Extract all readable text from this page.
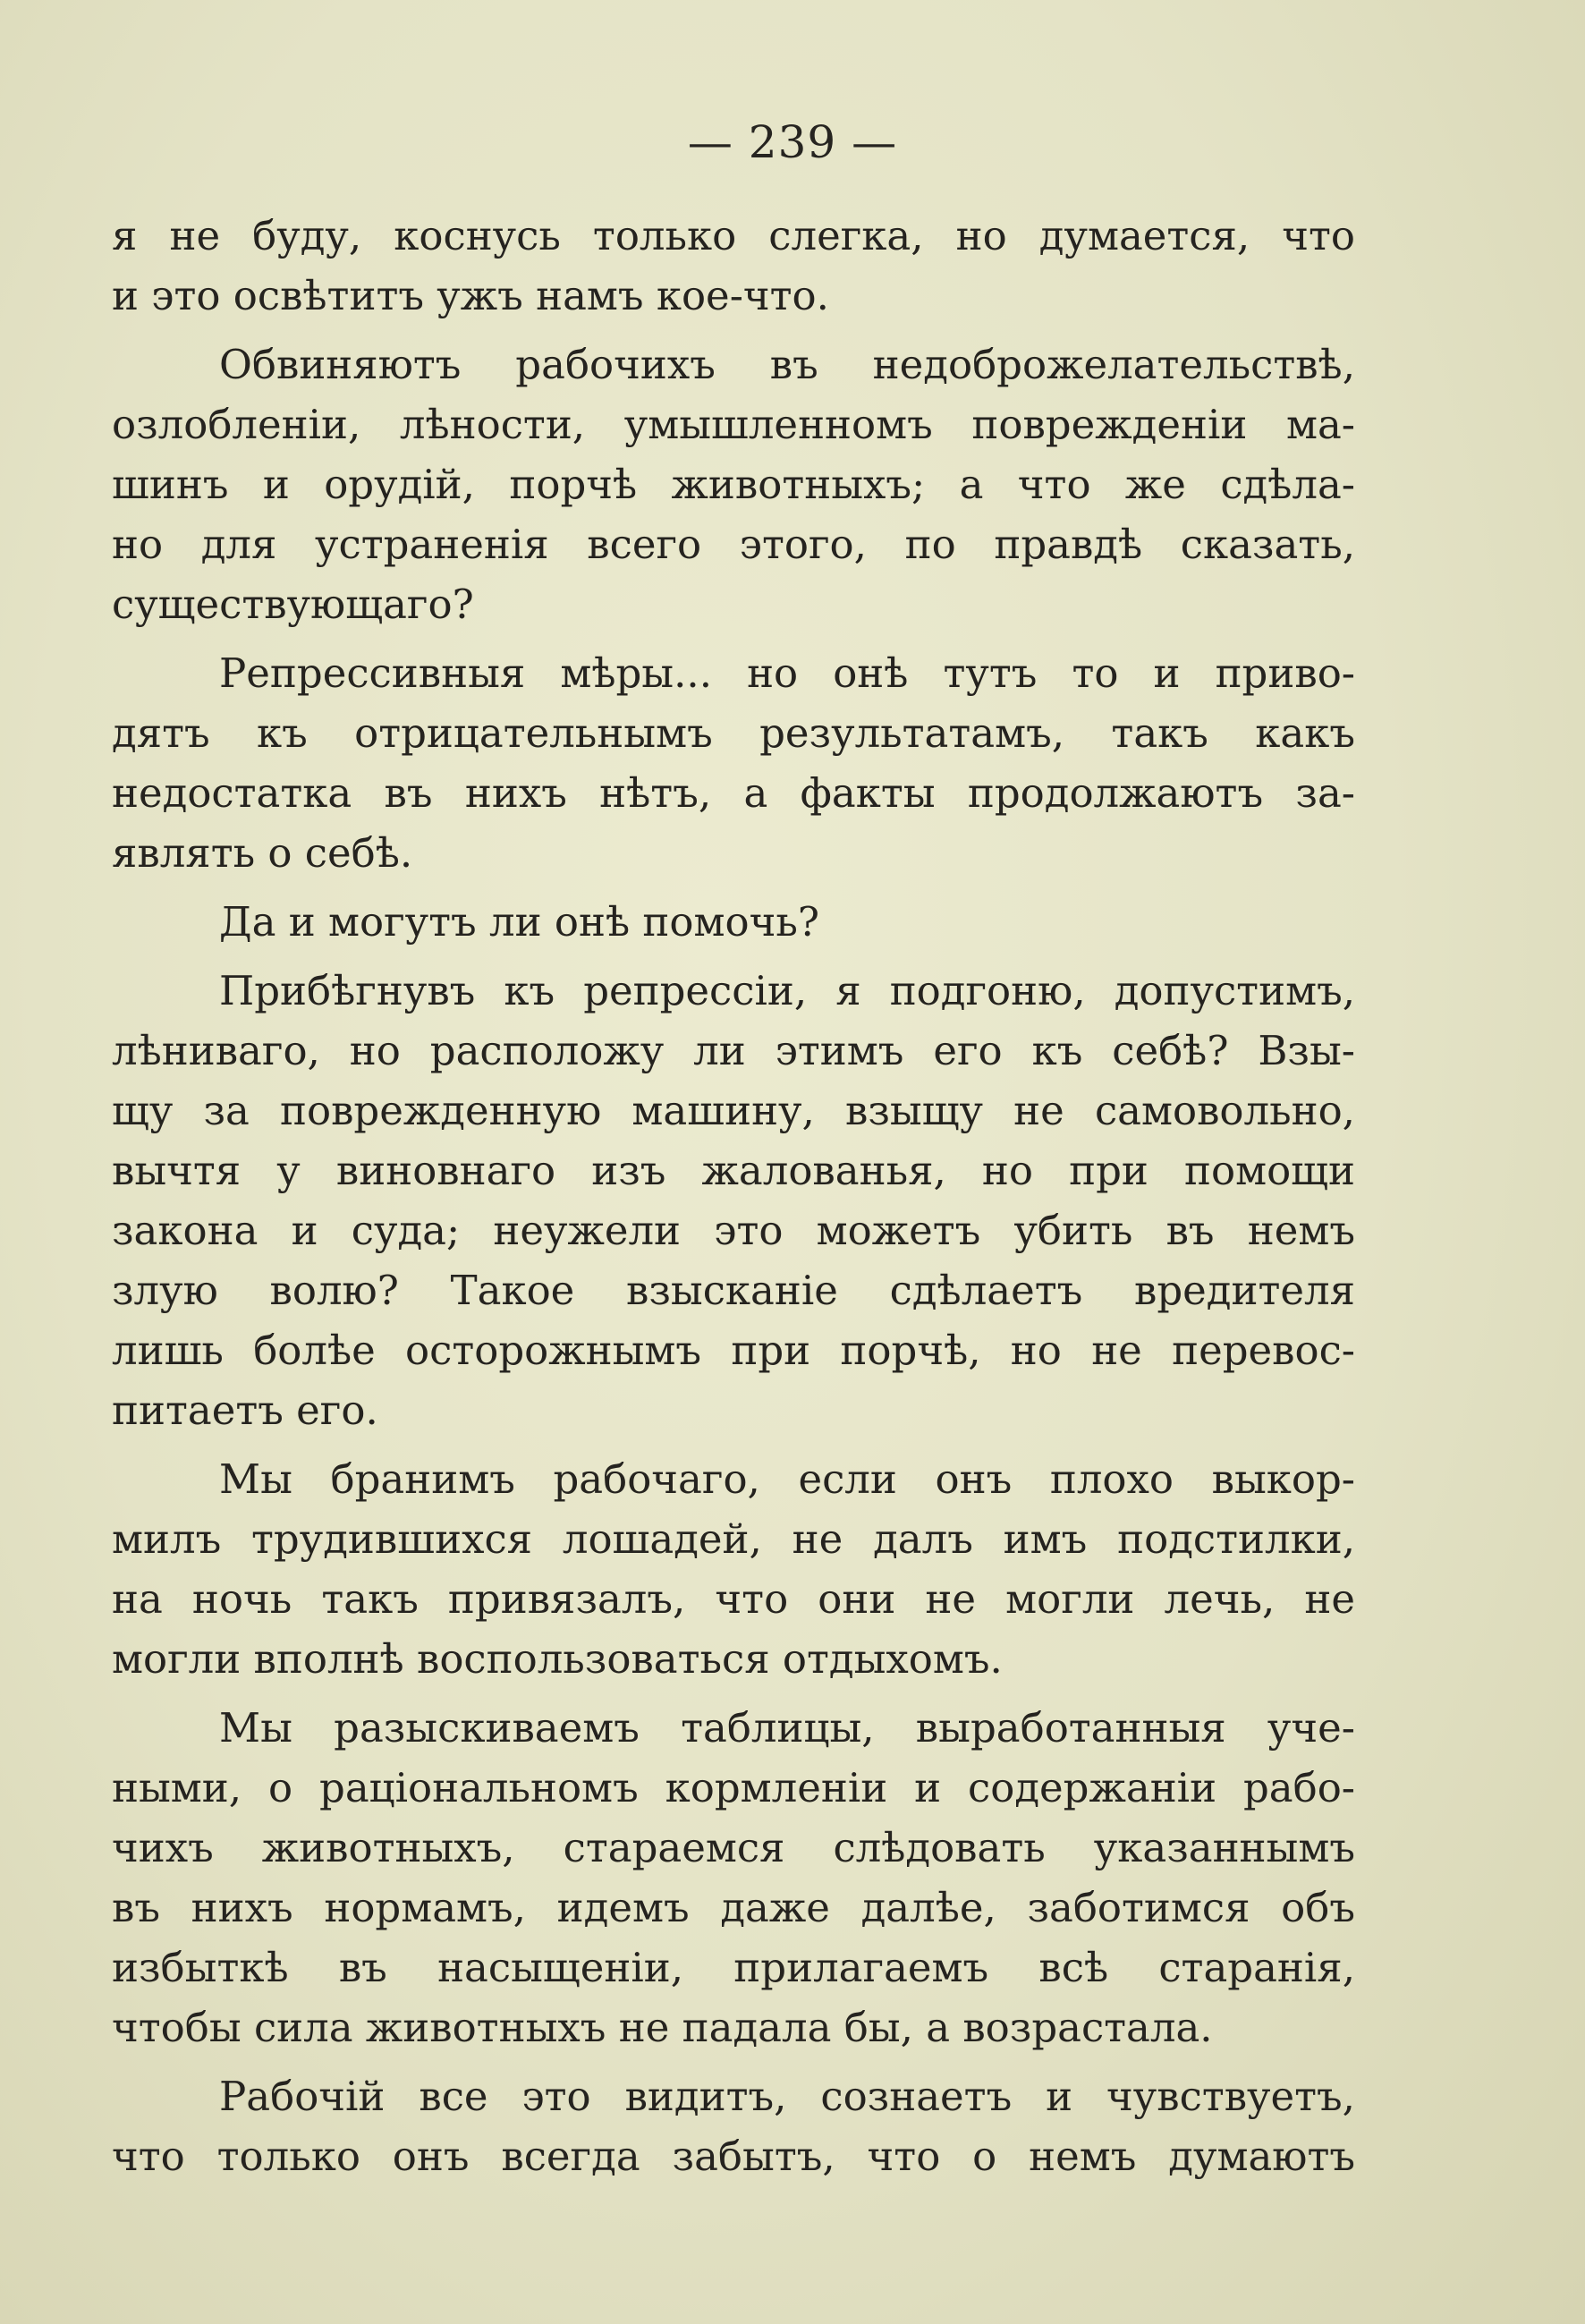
— 239 —
я не буду, коснусь только слегка, но думается, что
и это освѣтитъ ужъ намъ кое-что.
Обвиняютъ рабочихъ въ недоброжелательствѣ,
озлобленіи, лѣности, умышленномъ поврежденіи ма-
шинъ и орудій, порчѣ животныхъ; а что же сдѣла-
но для устраненія всего этого, по правдѣ сказать,
существующаго?
Репрессивныя мѣры... но онѣ тутъ то и приво-
дятъ къ отрицательнымъ результатамъ, такъ какъ
недостатка въ нихъ нѣтъ, а факты продолжаютъ за-
являть о себѣ.
Да и могутъ ли онѣ помочь?
Прибѣгнувъ къ репрессіи, я подгоню, допустимъ,
лѣниваго, но расположу ли этимъ его къ себѣ? Взы-
щу за поврежденную машину, взыщу не самовольно,
вычтя у виновнаго изъ жалованья, но при помощи
закона и суда; неужели это можетъ убить въ немъ
злую волю? Такое взысканіе сдѣлаетъ вредителя
лишь болѣе осторожнымъ при порчѣ, но не перевос-
питаетъ его.
Мы бранимъ рабочаго, если онъ плохо выкор-
милъ трудившихся лошадей, не далъ имъ подстилки,
на ночь такъ привязалъ, что они не могли лечь, не
могли вполнѣ воспользоваться отдыхомъ.
Мы разыскиваемъ таблицы, выработанныя уче-
ными, о раціональномъ кормленіи и содержаніи рабо-
чихъ животныхъ, стараемся слѣдовать указаннымъ
въ нихъ нормамъ, идемъ даже далѣе, заботимся объ
избыткѣ въ насыщеніи, прилагаемъ всѣ старанія,
чтобы сила животныхъ не падала бы, а возрастала.
Рабочій все это видитъ, сознаетъ и чувствуетъ,
что только онъ всегда забытъ, что о немъ думаютъ
